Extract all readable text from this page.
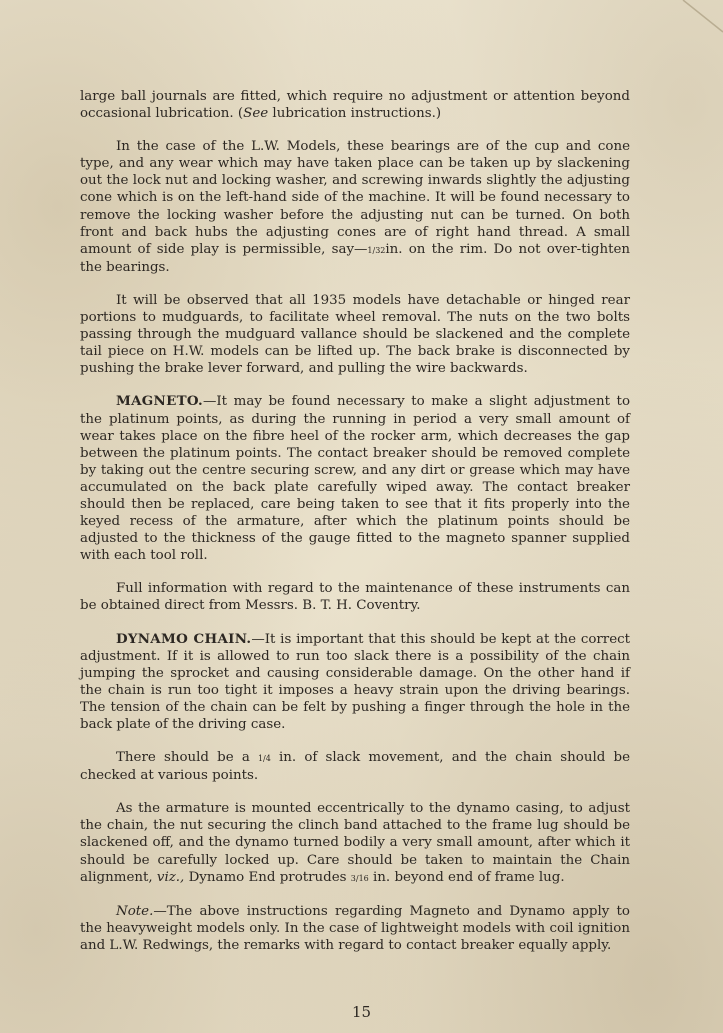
large ball journals are fitted, which require no adjustment or attention beyond occasional lubrication. (See lubrication instructions.)

In the case of the L.W. Models, these bearings are of the cup and cone type, and any wear which may have taken place can be taken up by slackening out the lock nut and locking washer, and screwing inwards slightly the adjusting cone which is on the left-hand side of the machine. It will be found necessary to remove the locking washer before the adjusting nut can be turned. On both front and back hubs the adjusting cones are of right hand thread. A small amount of side play is permissible, say—1/32in. on the rim. Do not over-tighten the bearings.

It will be observed that all 1935 models have detachable or hinged rear portions to mudguards, to facilitate wheel removal. The nuts on the two bolts passing through the mudguard vallance should be slackened and the complete tail piece on H.W. models can be lifted up. The back brake is disconnected by pushing the brake lever forward, and pulling the wire backwards.

MAGNETO.—It may be found necessary to make a slight adjustment to the platinum points, as during the running in period a very small amount of wear takes place on the fibre heel of the rocker arm, which decreases the gap between the platinum points. The contact breaker should be removed complete by taking out the centre securing screw, and any dirt or grease which may have accumulated on the back plate carefully wiped away. The contact breaker should then be replaced, care being taken to see that it fits properly into the keyed recess of the armature, after which the platinum points should be adjusted to the thickness of the gauge fitted to the magneto spanner supplied with each tool roll.

Full information with regard to the maintenance of these instruments can be obtained direct from Messrs. B. T. H. Coventry.

DYNAMO CHAIN.—It is important that this should be kept at the correct adjustment. If it is allowed to run too slack there is a possibility of the chain jumping the sprocket and causing considerable damage. On the other hand if the chain is run too tight it imposes a heavy strain upon the driving bearings. The tension of the chain can be felt by pushing a finger through the hole in the back plate of the driving case.

There should be a 1/4 in. of slack movement, and the chain should be checked at various points.

As the armature is mounted eccentrically to the dynamo casing, to adjust the chain, the nut securing the clinch band attached to the frame lug should be slackened off, and the dynamo turned bodily a very small amount, after which it should be carefully locked up. Care should be taken to maintain the Chain alignment, viz., Dynamo End protrudes 3/16 in. beyond end of frame lug.

Note.—The above instructions regarding Magneto and Dynamo apply to the heavyweight models only. In the case of lightweight models with coil ignition and L.W. Redwings, the remarks with regard to contact breaker equally apply.

15
